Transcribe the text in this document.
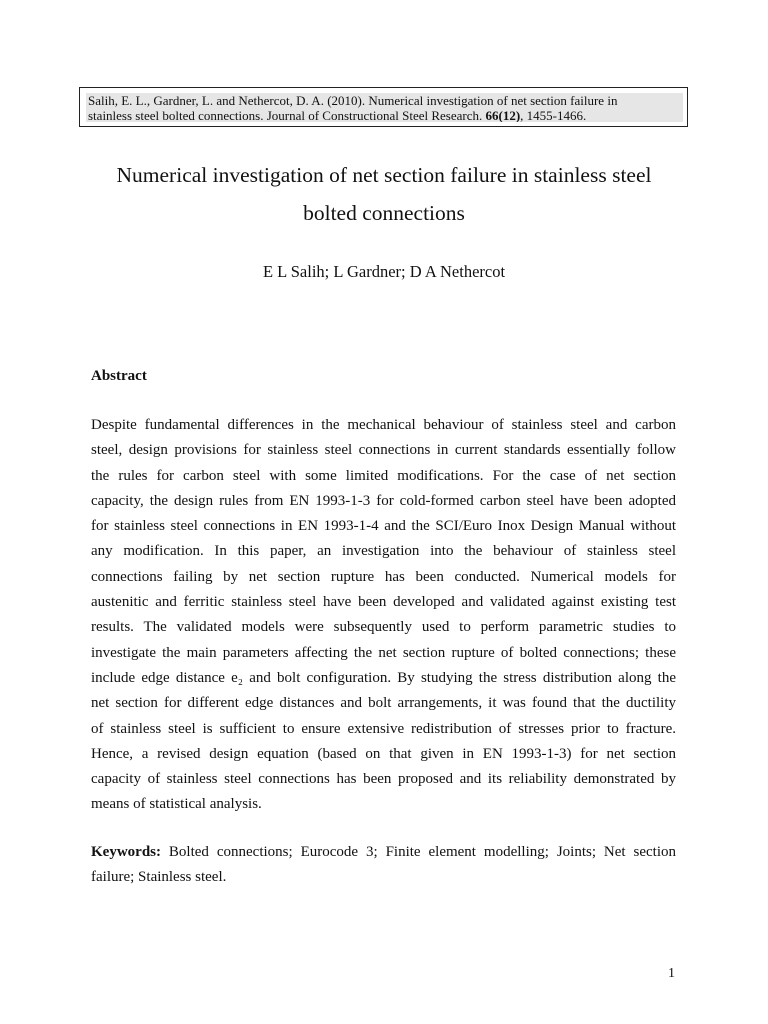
Salih, E. L., Gardner, L. and Nethercot, D. A. (2010). Numerical investigation of net section failure in
stainless steel bolted connections. Journal of Constructional Steel Research. 66(12), 1455-1466.
Numerical investigation of net section failure in stainless steel
bolted connections
E L Salih; L Gardner; D A Nethercot
Abstract
Despite fundamental differences in the mechanical behaviour of stainless steel and carbon
steel, design provisions for stainless steel connections in current standards essentially follow
the rules for carbon steel with some limited modifications. For the case of net section
capacity, the design rules from EN 1993-1-3 for cold-formed carbon steel have been adopted
for stainless steel connections in EN 1993-1-4 and the SCI/Euro Inox Design Manual without
any modification. In this paper, an investigation into the behaviour of stainless steel
connections failing by net section rupture has been conducted. Numerical models for
austenitic and ferritic stainless steel have been developed and validated against existing test
results. The validated models were subsequently used to perform parametric studies to
investigate the main parameters affecting the net section rupture of bolted connections; these
include edge distance e₂ and bolt configuration. By studying the stress distribution along the
net section for different edge distances and bolt arrangements, it was found that the ductility
of stainless steel is sufficient to ensure extensive redistribution of stresses prior to fracture.
Hence, a revised design equation (based on that given in EN 1993-1-3) for net section
capacity of stainless steel connections has been proposed and its reliability demonstrated by
means of statistical analysis.
Keywords: Bolted connections; Eurocode 3; Finite element modelling; Joints; Net section
failure; Stainless steel.
1
